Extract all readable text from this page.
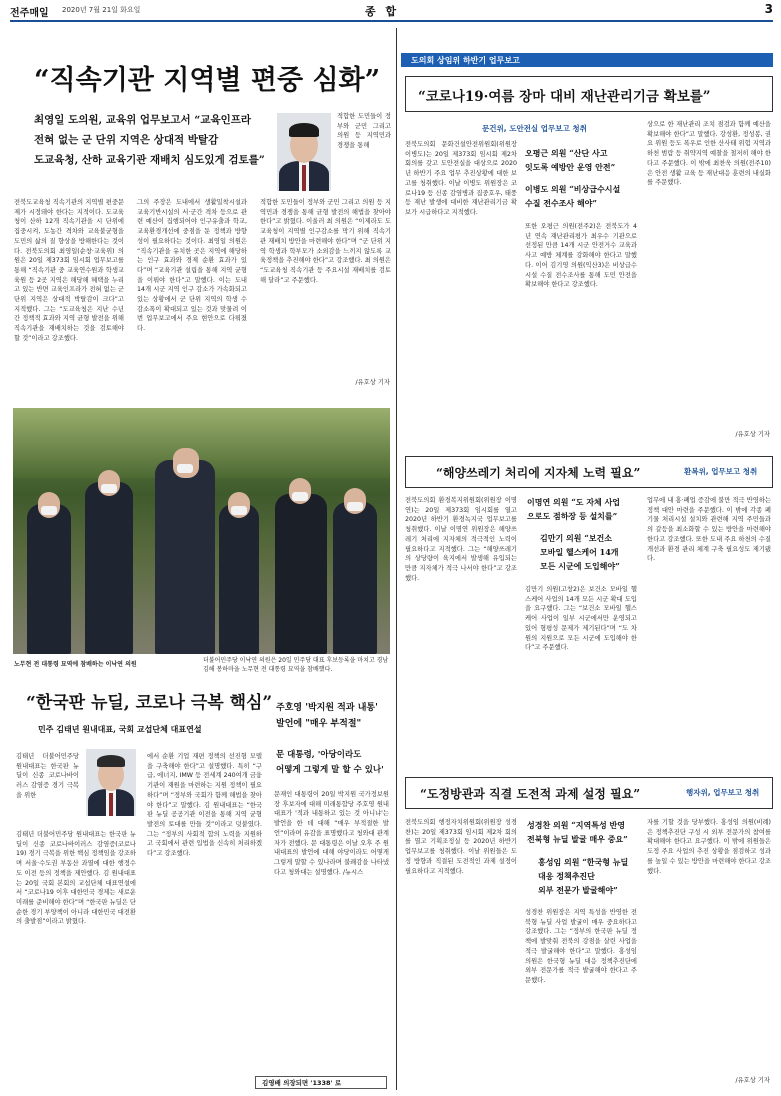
전주매일 2020년 7월 21일 화요일	종 합	3
“직속기관 지역별 편중 심화”
최영일 도의원, 교육위 업무보고서 “교육인프라
전혀 없는 군 단위 지역은 상대적 박탈감
도교육청, 산하 교육기관 재배치 심도있게 검토를”
전북도교육청 직속기관의 지역별 편중문제가 시정돼야 한다는 지적이다. 도교육청이 산하 12개 직속기관을 시 단위에 집중시켜, 도농간 격차와 교육불균형을 도민의 삶의 질 향상을 방해한다는 것이다. 전북도의회 최영일(순창·교육위) 의원은 20일 제373회 임시회 업무보고를 통해 “직속기관 중 교육연수원과 학생교육원 등 2곳 지역은 해당해 혜택을 누리고 있는 반면 교육인프라가 전혀 없는 군 단위 지역은 상대적 박탈감이 크다”고 지적했다. 그는 “도교육청은 지난 수년간 정책적 효과와 지역 균형 발전을 위해 직속기관을 재배치하는 것을 검토해야 할 것”이라고 강조했다.
그의 주장은 도내에서 생활밀착시설과 교육기반시설의 서·군간 격차 등으로 관련 예산이 집행되어야 인구유출과 학교, 교육환경개선에 중점을 둔 정책과 방향성이 필요하다는 것이다. 최영일 의원은 “직속기관을 유치한 곳은 지역에 해당하는 인구 효과와 경제 순환 효과가 있다”며 “교육기관 설립을 통해 지역 균형을 이뤄야 한다”고 말했다. 이는 도내 14개 시군 지역 인구 감소가 가속화되고 있는 상황에서 군 단위 지역의 학생 수 감소폭이 확대되고 있는 것과 맞물려 이번 업무보고에서 주요 현안으로 다뤄졌다.
적합한 도민들이 정부와 군민 그리고 의원 등 지역민과 경쟁을 통해
적합한 도민들이 정부와 군민 그리고 의원 등 지역민과 경쟁을 통해 균형 발전의 해법을 찾아야 한다”고 밝혔다. 이울러 최 의원은 “이제라도 도교육청이 지역별 인구감소를 막기 위해 직속기관 재배치 방안을 마련해야 한다”며 “군 단위 지역 학생과 학부모가 소외감을 느끼지 않도록 교육정책을 추진해야 한다”고 강조했다. 최 의원은 “도교육청 직속기관 등 주요시설 재배치를 검토해 달라”고 주문했다.
/유호상 기자
노무현 전 대통령 묘역에 참배하는 이낙연 의원
더불어민주당 이낙연 의원은 20일 민주당 대표 후보등록을 마치고 경남 김해 봉하마을 노무현 전 대통령 묘역을 참배했다.
“한국판 뉴딜, 코로나 극복 핵심”
민주 김태년 원내대표, 국회 교섭단체 대표연설
김태년 더불어민주당 원내대표는 한국판 뉴딜이 신종 코로나바이러스 감염증 경기 극복을 위한
김태년 더불어민주당 원내대표는 한국판 뉴딜이 신종 코로나바이러스 감염증(코로나19) 경기 극복을 위한 핵심 정책임을 강조하며 서울·수도권 부동산 과열에 대한 행정수도 이전 등의 정책을 제안했다. 김 원내대표는 20일 국회 본회의 교섭단체 대표연설에서 “코로나19 이후 대한민국 경제는 새로운 미래를 준비해야 한다”며 “한국판 뉴딜은 단순한 경기 부양책이 아니라 대한민국 대전환의 출발점”이라고 밝혔다.
에서 순환 기업 재편 정책의 선진형 모델을 구축해야 한다”고 설명했다. 특히 “구급, 에너지, IMW 등 전세계 240여개 금융기관이 재원을 마련하는 지원 정책이 필요하다”며 “정부와 국회가 함께 해법을 찾아야 한다”고 말했다. 김 원내대표는 “한국판 뉴딜 공공기관 이전을 통해 지역 균형 발전의 토대를 만들 것”이라고 덧붙였다. 그는 “정부의 사회적 합의 노력을 지원하고 국회에서 관련 입법을 신속히 처리하겠다”고 강조했다.
주호영 '박지원 적과 내통'
발언에 "매우 부적절"
문 대통령, '아당이라도
어떻게 그렇게 말 할 수 있나'
문재인 대통령이 20일 박지원 국가정보원장 후보자에 대해 미래통합당 주호영 원내대표가 '적과 내통하고 있는 것 아니냐'는 발언을 한 데 대해 “매우 부적절한 발언”이라며 유감을 표명했다고 청와대 관계자가 전했다. 문 대통령은 이날 오후 주 원내대표의 발언에 대해 야당이라도 어떻게 그렇게 말할 수 있나라며 불쾌감을 나타냈다고 청와대는 설명했다. /뉴시스
김영배 의장되면 '1338' 로
도의회 상임위 하반기 업무보고
“코로나19·여름 장마 대비 재난관리기금 확보를”
문건위, 도안전실 업무보고 청취
오평근 의원 “산단 사고
잇도록 예방안 운영 안전”
이병도 의원 “비상급수시설
수질 전수조사 해야”
전북도의회 문화건설안전위원회(위원장 이병도)는 20일 제373회 임시회 제2차 회의를 갖고 도안전실을 대상으로 2020년 하반기 주요 업무 추진상황에 대한 보고를 청취했다. 이날 이병도 위원장은 코로나19 등 신종 감염병과 집중호우, 태풍 등 재난 발생에 대비한 재난관리기금 확보가 시급하다고 지적했다.
또한 오평근 의원(전주2)은 전북도가 4년 연속 재난관리평가 최우수 기관으로 선정된 만큼 14개 시군 안전거수 교육과 사고 예방 체계를 강화해야 한다고 말했다. 이어 김기영 의원(익산3)은 비상급수시설 수질 전수조사를 통해 도민 안전을 확보해야 한다고 강조했다.
상으로 한 재난관리 조치 점검과 함께 예산을 확보해야 한다”고 말했다. 강성환, 정성봉, 권요 위원 등도 폭우로 인한 산사태 위험 지역과 하천 범람 등 취약지역 예찰을 철저히 해야 한다고 주문했다. 이 밖에 최찬욱 의원(전주10)은 안전 생활 교육 등 재난대응 훈련의 내실화를 주문했다.
/유호상 기자
“해양쓰레기 처리에 지자체 노력 필요”	환복위, 업무보고 청취
이명연 의원 “도 자체 사업
으로도 점하장 등 설치를”
김만기 의원 “보건소
모바일 헬스케어 14개
모든 시군에 도입해야”
전북도의회 환경복지위원회(위원장 이명연)는 20일 제373회 임시회를 열고 2020년 하반기 환경녹지국 업무보고를 청취했다. 이날 이명연 위원장은 해양쓰레기 처리에 지자체의 적극적인 노력이 필요하다고 지적했다. 그는 “해양쓰레기의 상당량이 육지에서 발생해 유입되는 만큼 지자체가 적극 나서야 한다”고 강조했다.
김만기 의원(고창2)은 보건소 모바일 헬스케어 사업의 14개 모든 시군 확대 도입을 요구했다. 그는 “보건소 모바일 헬스케어 사업이 일부 시군에서만 운영되고 있어 형평성 문제가 제기된다”며 “도 차원의 지원으로 모든 시군에 도입해야 한다”고 주문했다.
업무에 내 홍·폐업 증감에 불만 적극 반영하는 정책 대안 마련을 주문했다. 이 밖에 각종 폐기물 처리시설 설치와 관련해 지역 주민들과의 갈등을 최소화할 수 있는 방안을 마련해야 한다고 강조했다. 또한 도내 주요 하천의 수질 개선과 환경 관리 체계 구축 필요성도 제기됐다.
“도정방관과 직결 도전적 과제 설정 필요”	행자위, 업무보고 청취
성경찬 의원 “지역특성 반영
전북형 뉴딜 발굴 매우 중요”
홍성임 의원 “한국형 뉴딜
대응 정책추진단
외부 전문가 발굴해야”
전북도의회 행정자치위원회(위원장 성경찬)는 20일 제373회 임시회 제2차 회의를 열고 기획조정실 등 2020년 하반기 업무보고를 청취했다. 이날 위원들은 도정 방향과 직결된 도전적인 과제 설정이 필요하다고 지적했다.
성경찬 위원장은 지역 특성을 반영한 전북형 뉴딜 사업 발굴이 매우 중요하다고 강조했다. 그는 “정부의 한국판 뉴딜 정책에 발맞춰 전북의 강점을 살린 사업을 적극 발굴해야 한다”고 말했다. 홍성임 의원은 한국형 뉴딜 대응 정책추진단에 외부 전문가를 적극 발굴해야 한다고 주문했다.
자를 기할 것을 당부했다. 홍성임 의원(비례)은 정책추진단 구성 시 외부 전문가의 참여를 확대해야 한다고 요구했다. 이 밖에 위원들은 도정 주요 사업의 추진 상황을 점검하고 성과를 높일 수 있는 방안을 마련해야 한다고 강조했다.
/유호상 기자
